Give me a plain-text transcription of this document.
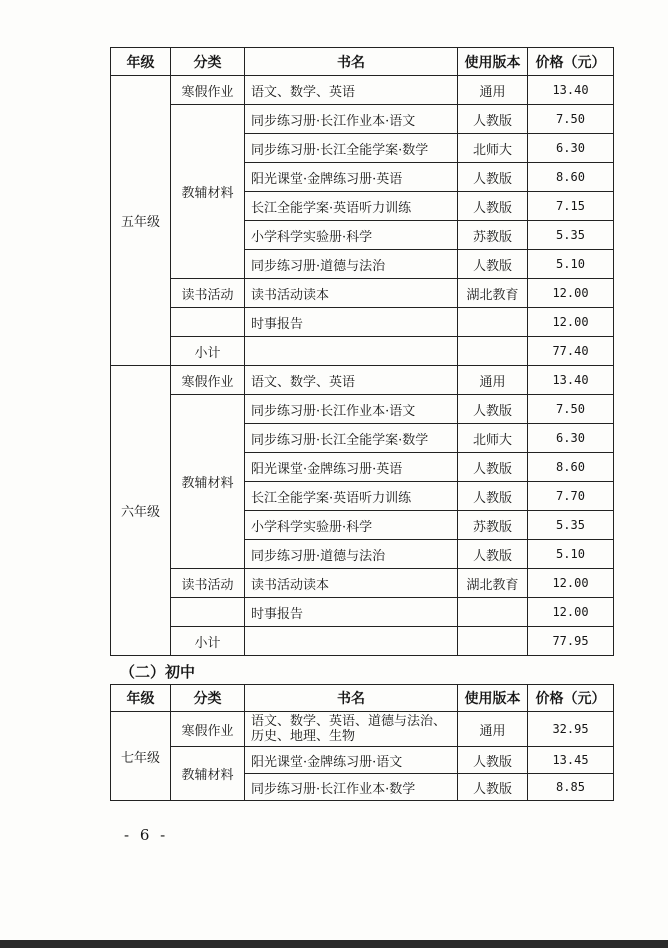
年级	分类	书名	使用版本	价格（元）
五年级	寒假作业	语文、数学、英语	通用	13.40
	教辅材料	同步练习册·长江作业本·语文	人教版	7.50
		同步练习册·长江全能学案·数学	北师大	6.30
		阳光课堂·金牌练习册·英语	人教版	8.60
		长江全能学案·英语听力训练	人教版	7.15
		小学科学实验册·科学	苏教版	5.35
		同步练习册·道德与法治	人教版	5.10
	读书活动	读书活动读本	湖北教育	12.00
		时事报告		12.00
	小计			77.40
六年级	寒假作业	语文、数学、英语	通用	13.40
	教辅材料	同步练习册·长江作业本·语文	人教版	7.50
		同步练习册·长江全能学案·数学	北师大	6.30
		阳光课堂·金牌练习册·英语	人教版	8.60
		长江全能学案·英语听力训练	人教版	7.70
		小学科学实验册·科学	苏教版	5.35
		同步练习册·道德与法治	人教版	5.10
	读书活动	读书活动读本	湖北教育	12.00
		时事报告		12.00
	小计			77.95
（二）初中
年级	分类	书名	使用版本	价格（元）
七年级	寒假作业	语文、数学、英语、道德与法治、历史、地理、生物	通用	32.95
	教辅材料	阳光课堂·金牌练习册·语文	人教版	13.45
		同步练习册·长江作业本·数学	人教版	8.85
- 6 -
